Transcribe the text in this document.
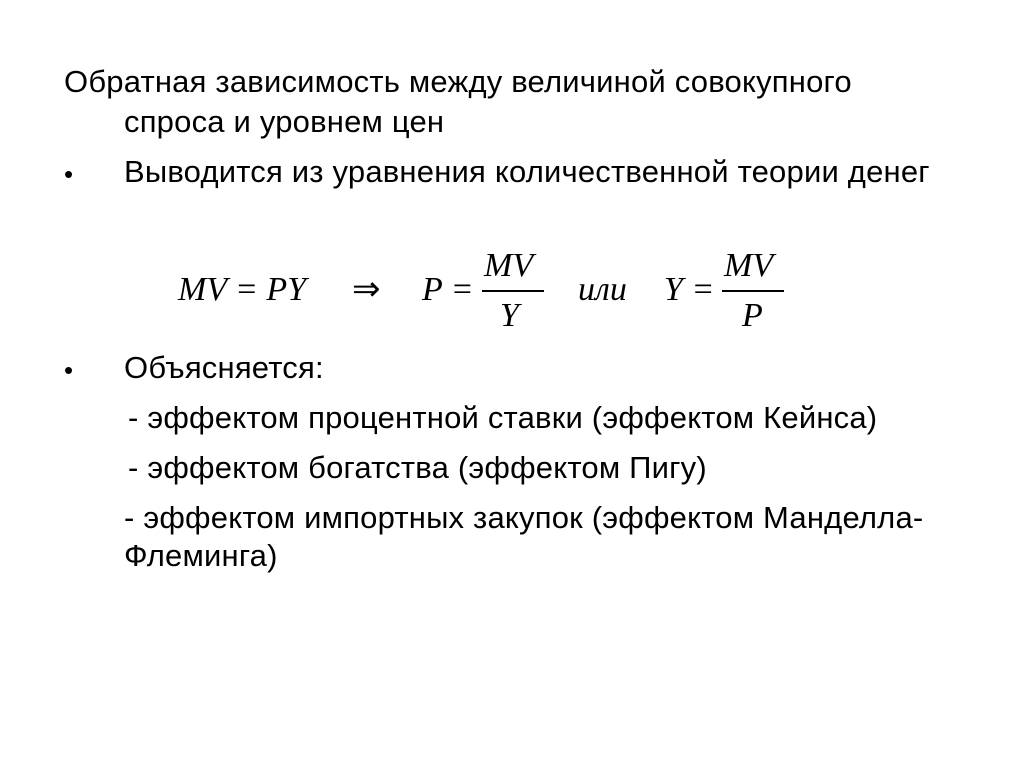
Обратная зависимость между величиной совокупного
спроса и уровнем цен
• Выводится из уравнения количественной теории денег
MV = PY ⇒ P =
MV
Y
или Y =
MV
P
• Объясняется:
- эффектом процентной ставки (эффектом Кейнса)
- эффектом богатства (эффектом Пигу)
- эффектом импортных закупок (эффектом Манделла-
Флеминга)
